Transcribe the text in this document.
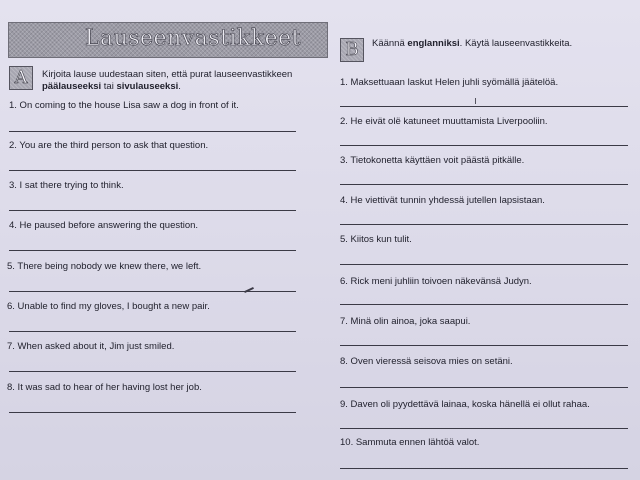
Lauseenvastikkeet
A	Kirjoita lause uudestaan siten, että purat lauseenvastikkeen päälauseeksi tai sivulauseeksi.
1. On coming to the house Lisa saw a dog in front of it.
2. You are the third person to ask that question.
3. I sat there trying to think.
4. He paused before answering the question.
5. There being nobody we knew there, we left.
6. Unable to find my gloves, I bought a new pair.
7. When asked about it, Jim just smiled.
8. It was sad to hear of her having lost her job.
B	Käännä englanniksi. Käytä lauseenvastikkeita.
1. Maksettuaan laskut Helen juhli syömällä jäätelöä.
2. He eivät olë katuneet muuttamista Liverpooliin.
3. Tietokonetta käyttäen voit päästä pitkälle.
4. He viettivät tunnin yhdessä jutellen lapsistaan.
5. Kiitos kun tulit.
6. Rick meni juhliin toivoen näkevänsä Judyn.
7. Minä olin ainoa, joka saapui.
8. Oven vieressä seisova mies on setäni.
9. Daven oli pyydettävä lainaa, koska hänellä ei ollut rahaa.
10. Sammuta ennen lähtöä valot.
